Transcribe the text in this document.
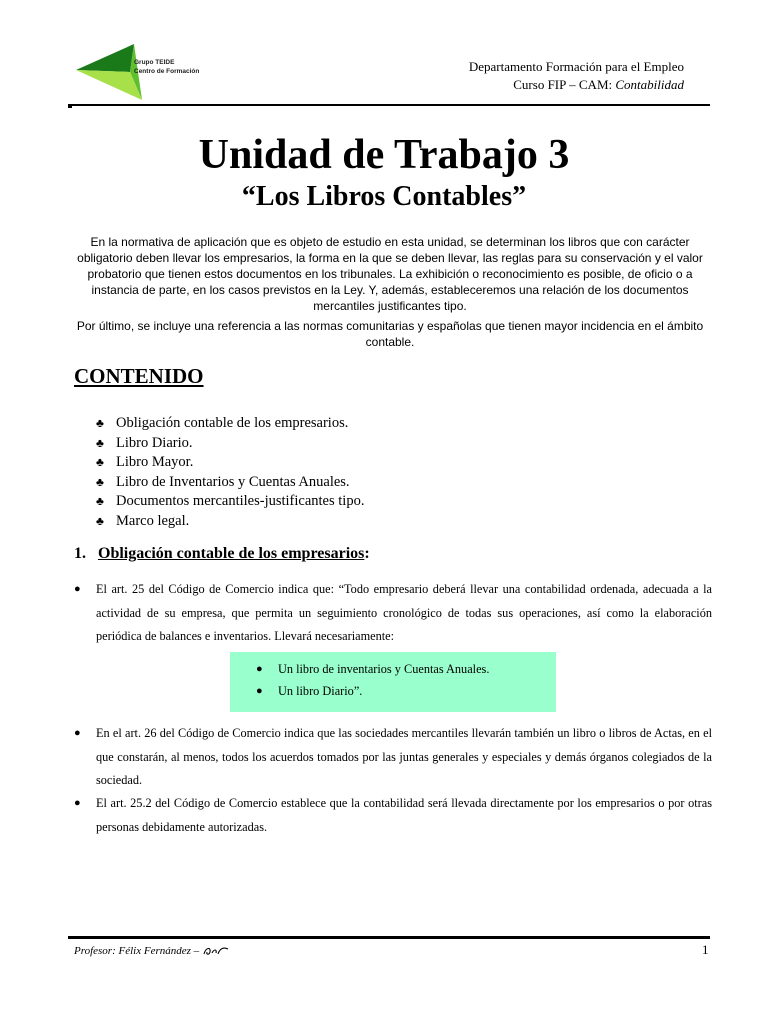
Grupo TEIDE
Centro de Formación	Departamento Formación para el Empleo
Curso FIP – CAM: Contabilidad
Unidad de Trabajo 3
“Los Libros Contables”
En la normativa de aplicación que es objeto de estudio en esta unidad, se determinan los libros que con carácter obligatorio deben llevar los empresarios, la forma en la que se deben llevar, las reglas para su conservación y el valor probatorio que tienen estos documentos en los tribunales. La exhibición o reconocimiento es posible, de oficio o a instancia de parte, en los casos previstos en la Ley. Y, además, estableceremos una relación de los documentos mercantiles justificantes tipo.
Por último, se incluye una referencia a las normas comunitarias y españolas que tienen mayor incidencia en el ámbito contable.
CONTENIDO
♣ Obligación contable de los empresarios.
♣ Libro Diario.
♣ Libro Mayor.
♣ Libro de Inventarios y Cuentas Anuales.
♣ Documentos mercantiles-justificantes tipo.
♣ Marco legal.
1. Obligación contable de los empresarios:
●	El art. 25 del Código de Comercio indica que: “Todo empresario deberá llevar una contabilidad ordenada, adecuada a la actividad de su empresa, que permita un seguimiento cronológico de todas sus operaciones, así como la elaboración periódica de balances e inventarios. Llevará necesariamente:
●	Un libro de inventarios y Cuentas Anuales.
●	Un libro Diario”.
●	En el art. 26 del Código de Comercio indica que las sociedades mercantiles llevarán también un libro o libros de Actas, en el que constarán, al menos, todos los acuerdos tomados por las juntas generales y especiales y demás órganos colegiados de la sociedad.
●	El art. 25.2 del Código de Comercio establece que la contabilidad será llevada directamente por los empresarios o por otras personas debidamente autorizadas.
Profesor: Félix Fernández –	1
